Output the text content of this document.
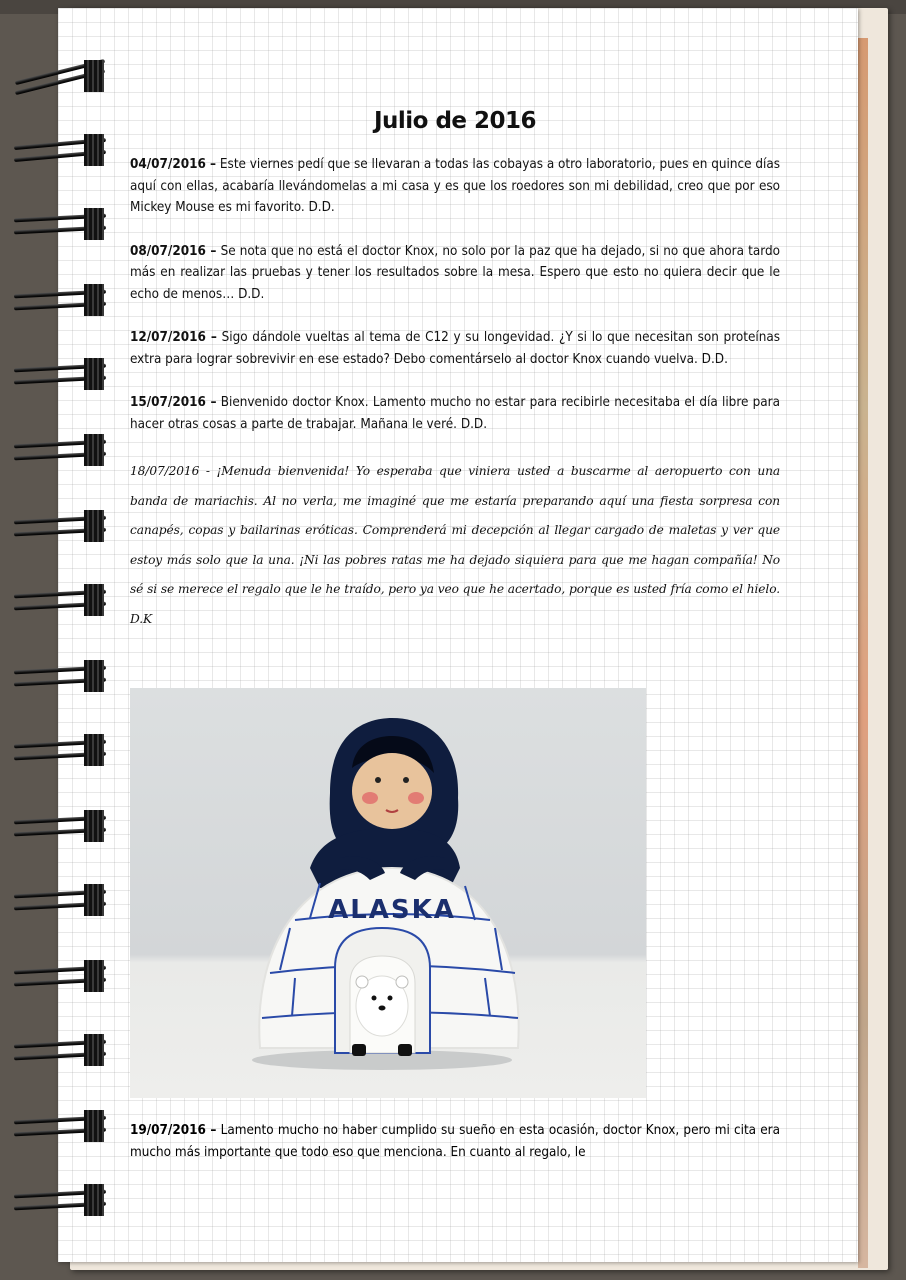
Julio de 2016

04/07/2016 – Este viernes pedí que se llevaran a todas las cobayas a otro laboratorio, pues en quince días aquí con ellas, acabaría llevándomelas a mi casa y es que los roedores son mi debilidad, creo que por eso Mickey Mouse es mi favorito. D.D.

08/07/2016 – Se nota que no está el doctor Knox, no solo por la paz que ha dejado, si no que ahora tardo más en realizar las pruebas y tener los resultados sobre la mesa. Espero que esto no quiera decir que le echo de menos… D.D.

12/07/2016 – Sigo dándole vueltas al tema de C12 y su longevidad. ¿Y si lo que necesitan son proteínas extra para lograr sobrevivir en ese estado? Debo comentárselo al doctor Knox cuando vuelva. D.D.

15/07/2016 – Bienvenido doctor Knox. Lamento mucho no estar para recibirle necesitaba el día libre para hacer otras cosas a parte de trabajar. Mañana le veré. D.D.

18/07/2016 - ¡Menuda bienvenida! Yo esperaba que viniera usted a buscarme al aeropuerto con una banda de mariachis. Al no verla, me imaginé que me estaría preparando aquí una fiesta sorpresa con canapés, copas y bailarinas eróticas. Comprenderá mi decepción al llegar cargado de maletas y ver que estoy más solo que la una. ¡Ni las pobres ratas me ha dejado siquiera para que me hagan compañía! No sé si se merece el regalo que le he traído, pero ya veo que he acertado, porque es usted fría como el hielo. D.K

ALASKA

19/07/2016 – Lamento mucho no haber cumplido su sueño en esta ocasión, doctor Knox, pero mi cita era mucho más importante que todo eso que menciona. En cuanto al regalo, le
